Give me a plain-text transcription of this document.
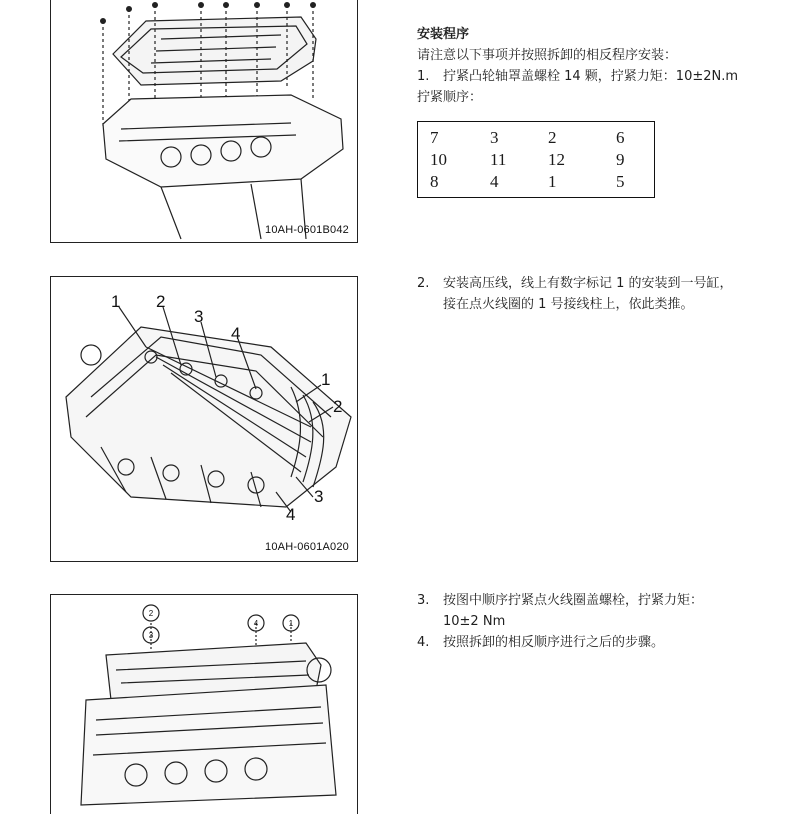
10AH-0601B042
1 2
3
4
1
2
3
4
10AH-0601A020
2
3
4	1
安装程序
请注意以下事项并按照拆卸的相反程序安装：
1.	拧紧凸轮轴罩盖螺栓 14 颗，拧紧力矩：10±2N.m
拧紧顺序：
7	3	2	6
10	11	12	9
8	4	1	5
2.	安装高压线，线上有数字标记 1 的安装到一号缸，
接在点火线圈的 1 号接线柱上，依此类推。
3.	按图中顺序拧紧点火线圈盖螺栓，拧紧力矩：
10±2 Nm
4.	按照拆卸的相反顺序进行之后的步骤。
